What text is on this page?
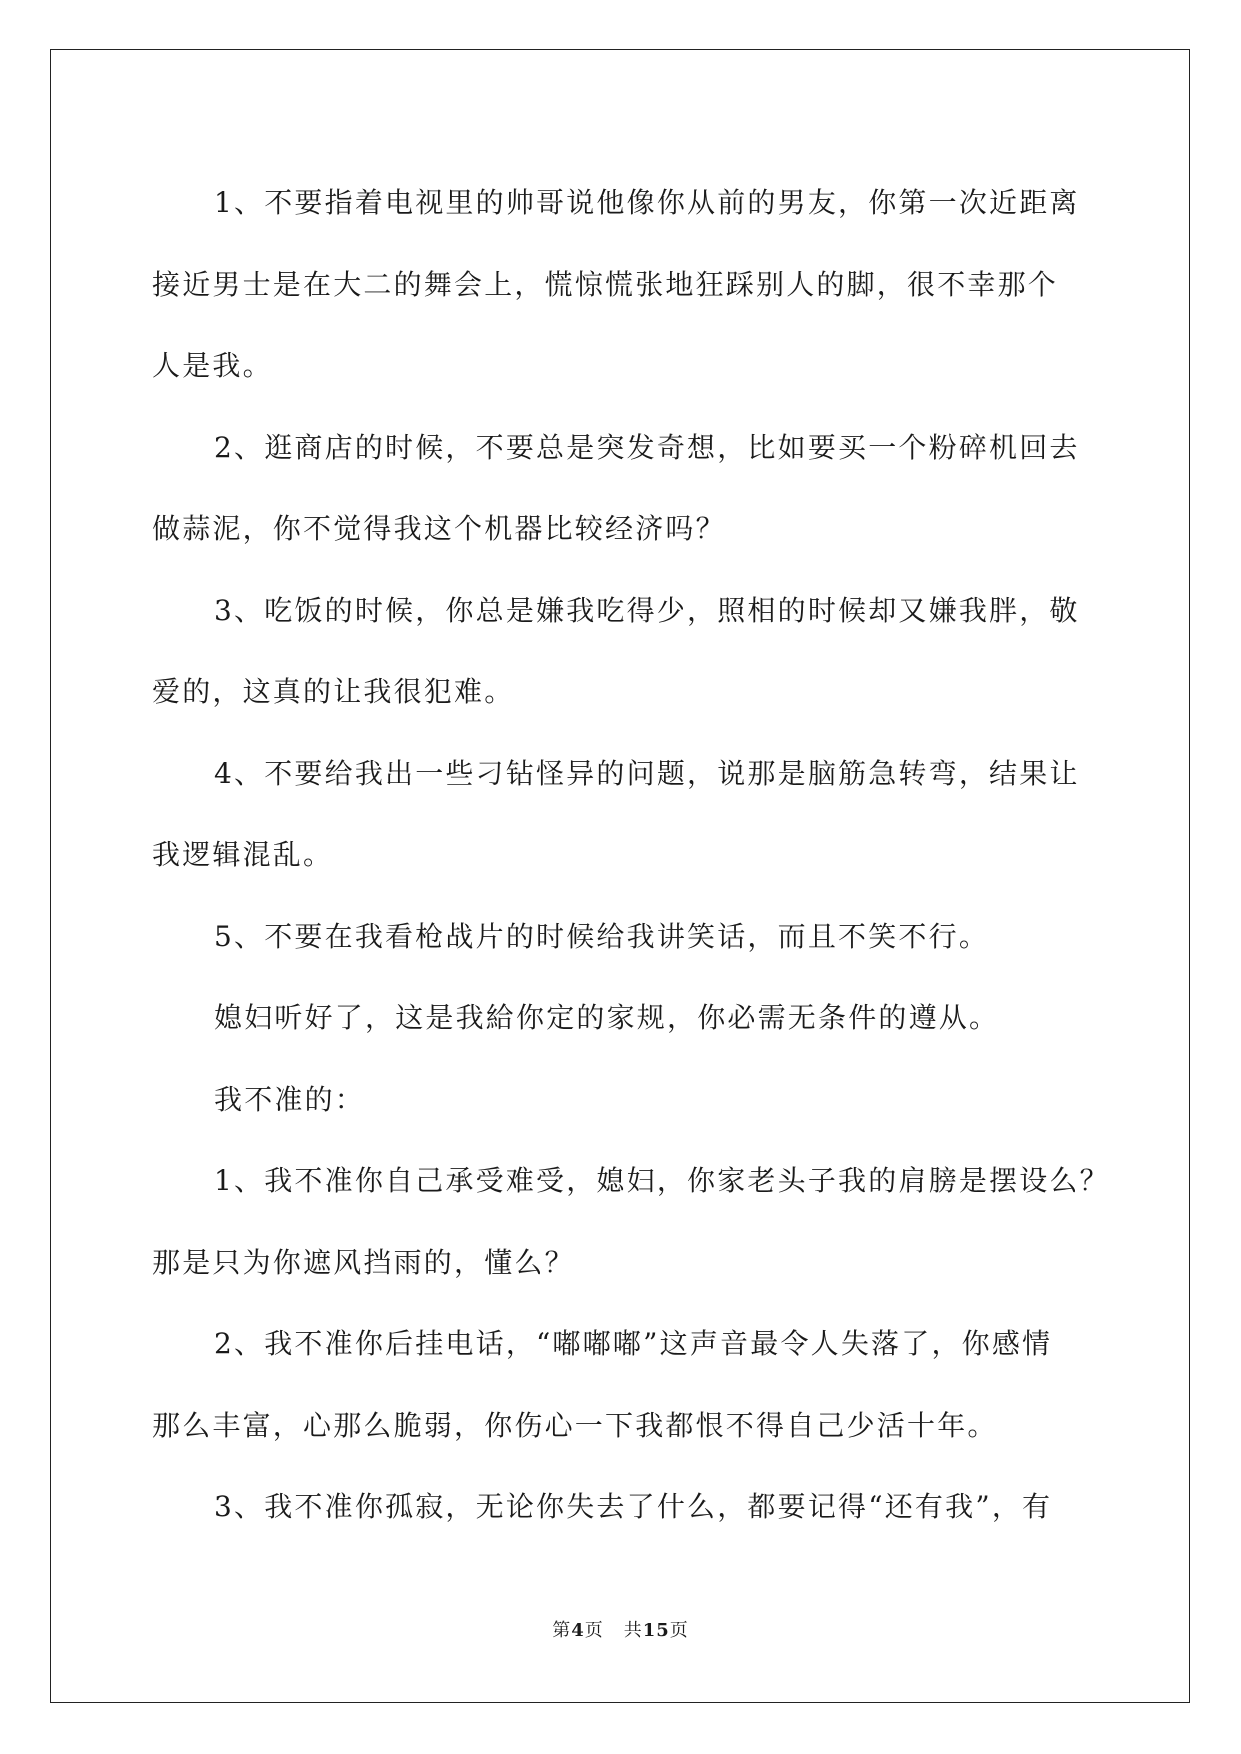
1、不要指着电视里的帅哥说他像你从前的男友，你第一次近距离

接近男士是在大二的舞会上，慌惊慌张地狂踩别人的脚，很不幸那个

人是我。

2、逛商店的时候，不要总是突发奇想，比如要买一个粉碎机回去

做蒜泥，你不觉得我这个机器比较经济吗？

3、吃饭的时候，你总是嫌我吃得少，照相的时候却又嫌我胖，敬

爱的，这真的让我很犯难。

4、不要给我出一些刁钻怪异的问题，说那是脑筋急转弯，结果让

我逻辑混乱。

5、不要在我看枪战片的时候给我讲笑话，而且不笑不行。

媳妇听好了，这是我給你定的家规，你必需无条件的遵从。

我不准的：

1、我不准你自己承受难受，媳妇，你家老头子我的肩膀是摆设么？

那是只为你遮风挡雨的，懂么？

2、我不准你后挂电话，“嘟嘟嘟”这声音最令人失落了，你感情

那么丰富，心那么脆弱，你伤心一下我都恨不得自己少活十年。

3、我不准你孤寂，无论你失去了什么，都要记得“还有我”，有

第4页 共15页
